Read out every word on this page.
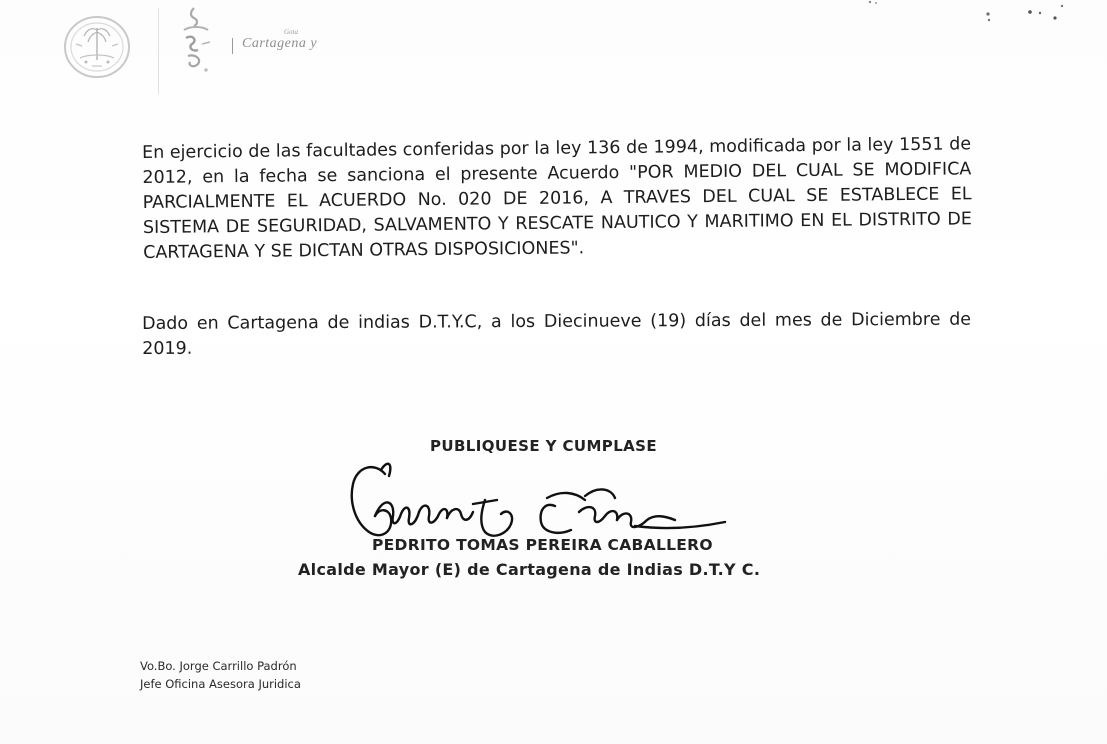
Gota
Cartagena y

En ejercicio de las facultades conferidas por la ley 136 de 1994, modificada por la ley 1551 de 2012, en la fecha se sanciona el presente Acuerdo "POR MEDIO DEL CUAL SE MODIFICA PARCIALMENTE EL ACUERDO No. 020 DE 2016, A TRAVES DEL CUAL SE ESTABLECE EL SISTEMA DE SEGURIDAD, SALVAMENTO Y RESCATE NAUTICO Y MARITIMO EN EL DISTRITO DE CARTAGENA Y SE DICTAN OTRAS DISPOSICIONES".

Dado en Cartagena de indias D.T.Y.C, a los Diecinueve (19) días del mes de Diciembre de 2019.

PUBLIQUESE Y CUMPLASE
PEDRITO TOMAS PEREIRA CABALLERO
Alcalde Mayor (E) de Cartagena de Indias D.T.Y C.
Vo.Bo. Jorge Carrillo Padrón
Jefe Oficina Asesora Juridica
